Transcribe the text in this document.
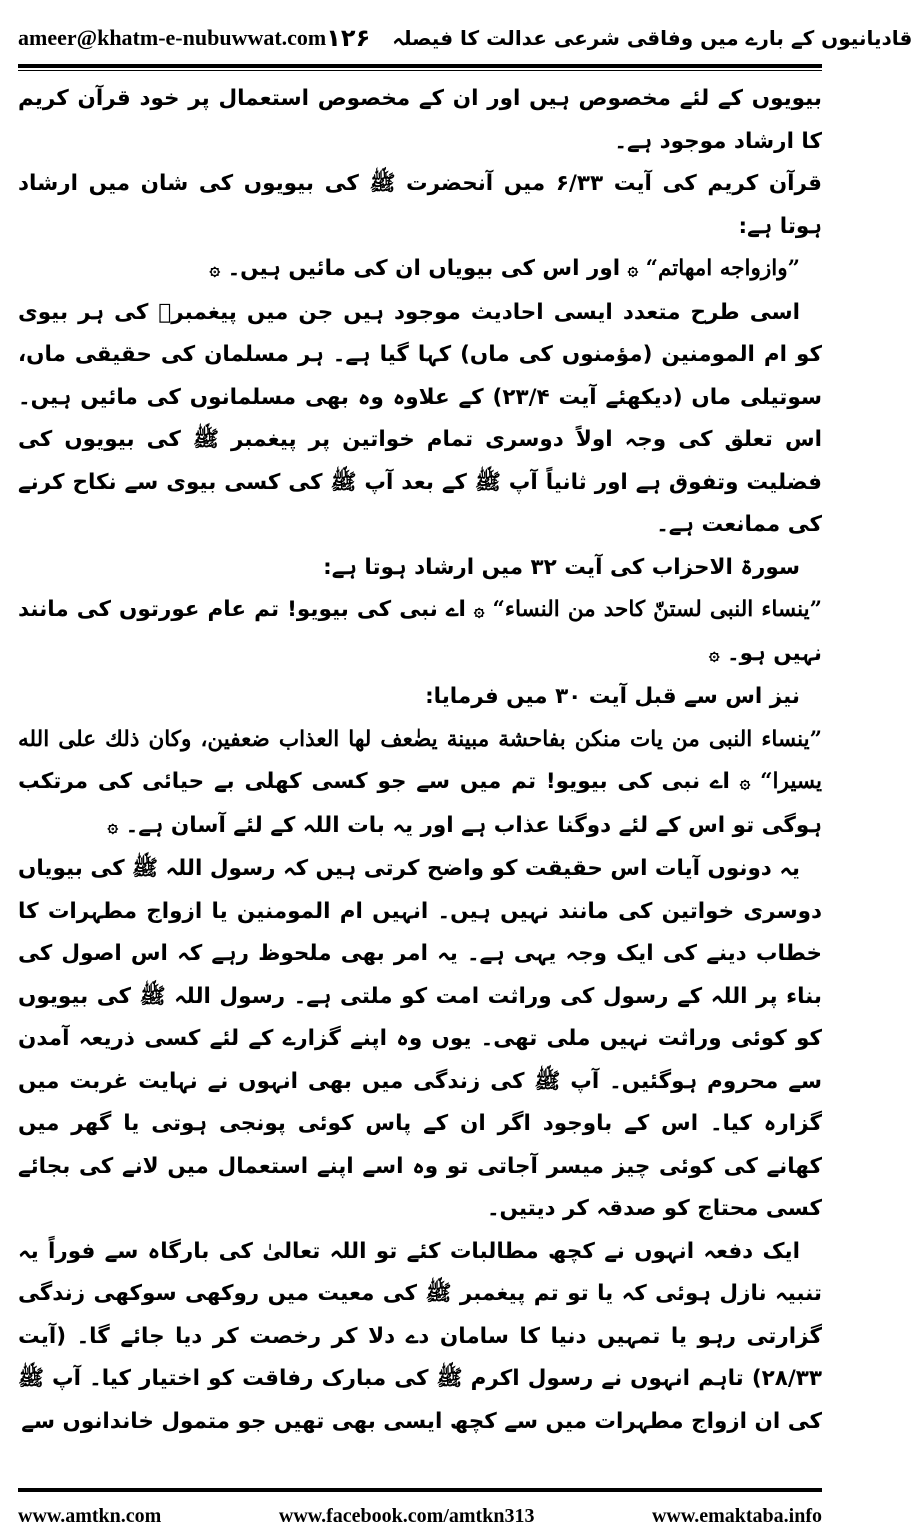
ameer@khatm-e-nubuwwat.com	قادیانیوں کے بارے میں وفاقی شرعی عدالت کا فیصلہ
۱۲۶

بیویوں کے لئے مخصوص ہیں اور ان کے مخصوص استعمال پر خود قرآن کریم کا ارشاد موجود ہے۔

قرآن کریم کی آیت ۶/۳۳ میں آنحضرت ﷺ کی بیویوں کی شان میں ارشاد ہوتا ہے:

”وازواجه امهاتم“ ۞ اور اس کی بیویاں ان کی مائیں ہیں۔ ۞

اسی طرح متعدد ایسی احادیث موجود ہیں جن میں پیغمبرؐ کی ہر بیوی کو ام المومنین (مؤمنوں کی ماں) کہا گیا ہے۔ ہر مسلمان کی حقیقی ماں، سوتیلی ماں (دیکھئے آیت ۲۳/۴) کے علاوہ وہ بھی مسلمانوں کی مائیں ہیں۔ اس تعلق کی وجہ اولاً دوسری تمام خواتین پر پیغمبر ﷺ کی بیویوں کی فضلیت وتفوق ہے اور ثانیاً آپ ﷺ کے بعد آپ ﷺ کی کسی بیوی سے نکاح کرنے کی ممانعت ہے۔

سورۃ الاحزاب کی آیت ۳۲ میں ارشاد ہوتا ہے:

”ینساء النبی لستنّ کاحد من النساء“ ۞ اے نبی کی بیویو! تم عام عورتوں کی مانند نہیں ہو۔ ۞

نیز اس سے قبل آیت ۳۰ میں فرمایا:

”ینساء النبی من یات منکن بفاحشة مبینة یضٰعف لها العذاب ضعفین، وکان ذلك علی الله یسیرا“ ۞ اے نبی کی بیویو! تم میں سے جو کسی کھلی بے حیائی کی مرتکب ہوگی تو اس کے لئے دوگنا عذاب ہے اور یہ بات اللہ کے لئے آسان ہے۔ ۞

یہ دونوں آیات اس حقیقت کو واضح کرتی ہیں کہ رسول اللہ ﷺ کی بیویاں دوسری خواتین کی مانند نہیں ہیں۔ انہیں ام المومنین یا ازواج مطہرات کا خطاب دینے کی ایک وجہ یہی ہے۔ یہ امر بھی ملحوظ رہے کہ اس اصول کی بناء پر اللہ کے رسول کی وراثت امت کو ملتی ہے۔ رسول اللہ ﷺ کی بیویوں کو کوئی وراثت نہیں ملی تھی۔ یوں وہ اپنے گزارے کے لئے کسی ذریعہ آمدن سے محروم ہوگئیں۔ آپ ﷺ کی زندگی میں بھی انہوں نے نہایت غربت میں گزارہ کیا۔ اس کے باوجود اگر ان کے پاس کوئی پونجی ہوتی یا گھر میں کھانے کی کوئی چیز میسر آجاتی تو وہ اسے اپنے استعمال میں لانے کی بجائے کسی محتاج کو صدقہ کر دیتیں۔

ایک دفعہ انہوں نے کچھ مطالبات کئے تو اللہ تعالیٰ کی بارگاہ سے فوراً یہ تنبیہ نازل ہوئی کہ یا تو تم پیغمبر ﷺ کی معیت میں روکھی سوکھی زندگی گزارتی رہو یا تمہیں دنیا کا سامان دے دلا کر رخصت کر دیا جائے گا۔ (آیت ۲۸/۳۳) تاہم انہوں نے رسول اکرم ﷺ کی مبارک رفاقت کو اختیار کیا۔ آپ ﷺ کی ان ازواج مطہرات میں سے کچھ ایسی بھی تھیں جو متمول خاندانوں سے

www.amtkn.com	www.facebook.com/amtkn313	www.emaktaba.info
